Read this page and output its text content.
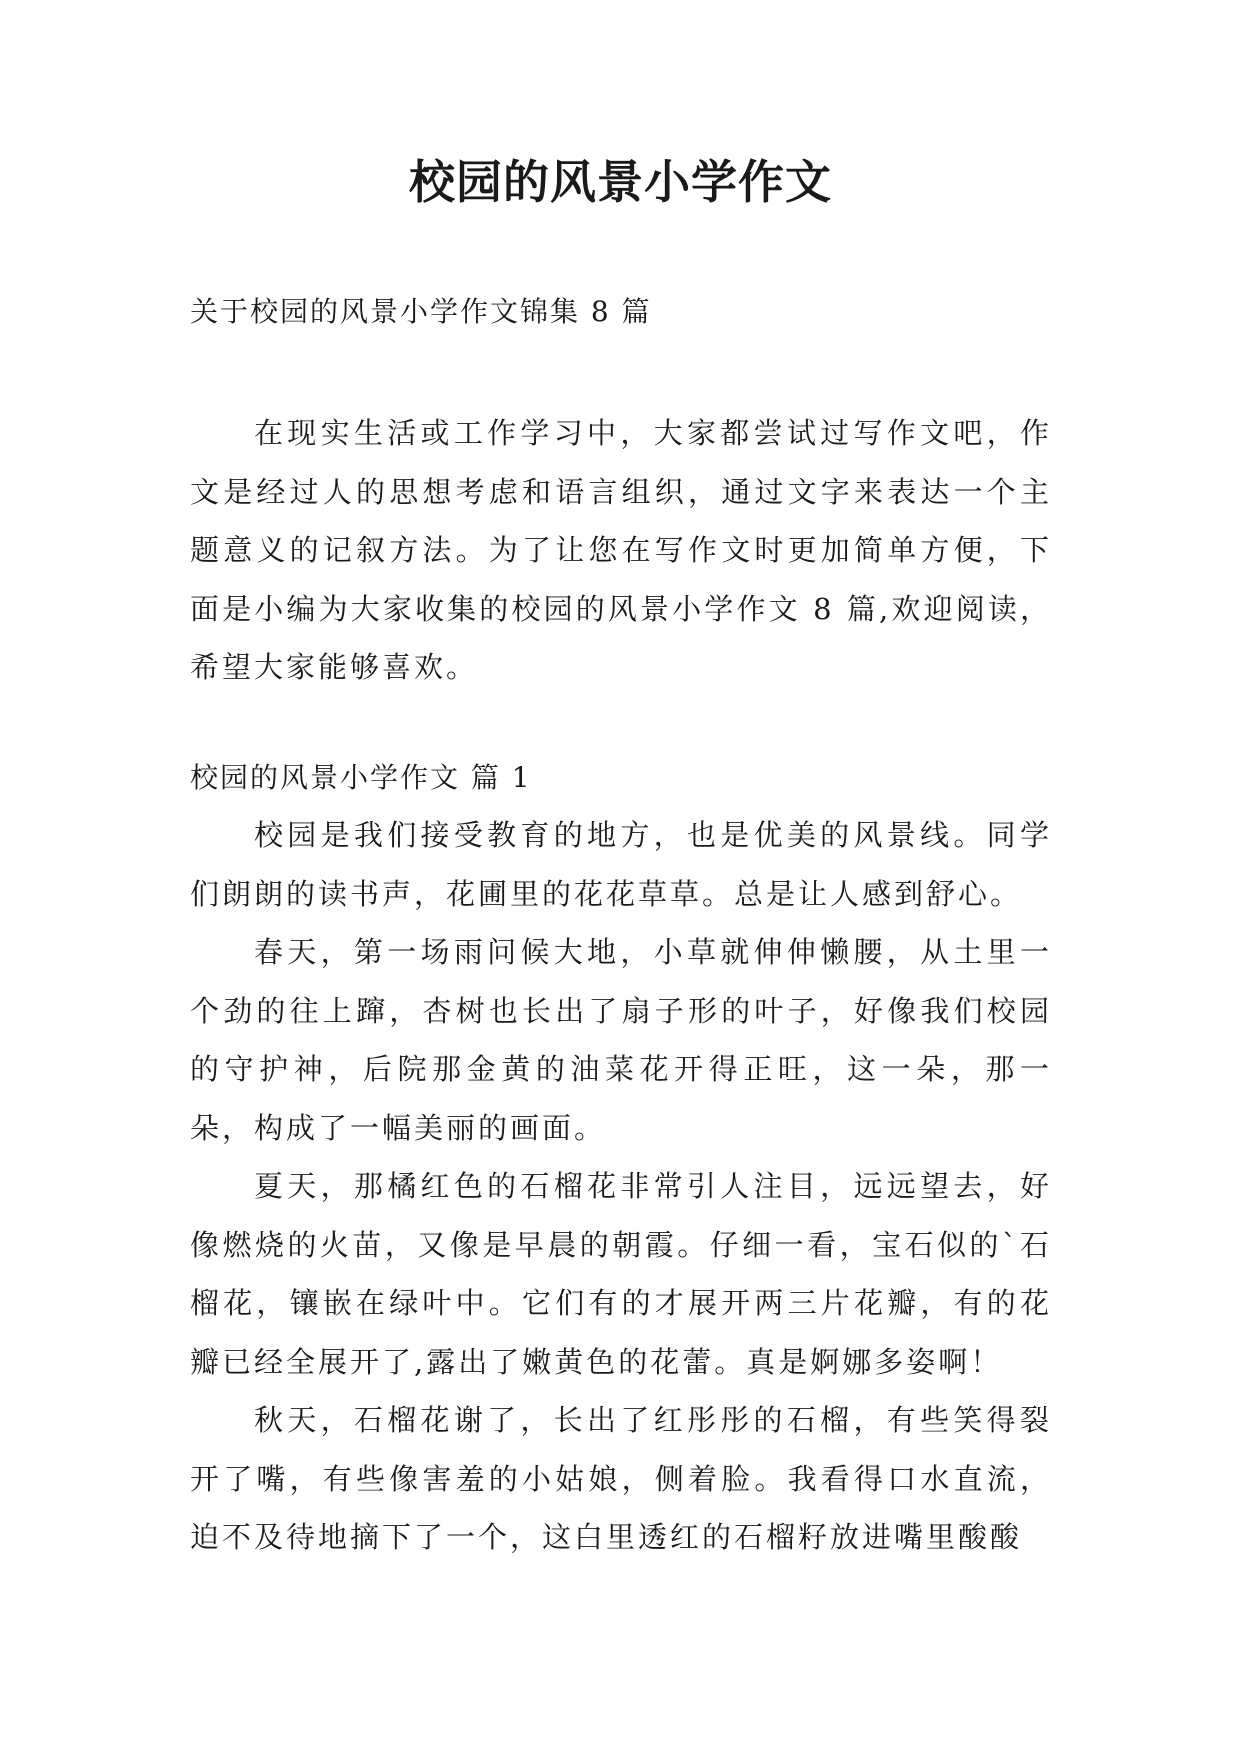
校园的风景小学作文

关于校园的风景小学作文锦集 8 篇

在现实生活或工作学习中，大家都尝试过写作文吧，作文是经过人的思想考虑和语言组织，通过文字来表达一个主题意义的记叙方法。为了让您在写作文时更加简单方便，下面是小编为大家收集的校园的风景小学作文 8 篇,欢迎阅读，希望大家能够喜欢。

校园的风景小学作文 篇 1

校园是我们接受教育的地方，也是优美的风景线。同学们朗朗的读书声，花圃里的花花草草。总是让人感到舒心。

春天，第一场雨问候大地，小草就伸伸懒腰，从土里一个劲的往上蹿，杏树也长出了扇子形的叶子，好像我们校园的守护神，后院那金黄的油菜花开得正旺，这一朵，那一朵，构成了一幅美丽的画面。

夏天，那橘红色的石榴花非常引人注目，远远望去，好像燃烧的火苗，又像是早晨的朝霞。仔细一看，宝石似的`石榴花，镶嵌在绿叶中。它们有的才展开两三片花瓣，有的花瓣已经全展开了,露出了嫩黄色的花蕾。真是婀娜多姿啊！

秋天，石榴花谢了，长出了红彤彤的石榴，有些笑得裂开了嘴，有些像害羞的小姑娘，侧着脸。我看得口水直流，迫不及待地摘下了一个，这白里透红的石榴籽放进嘴里酸酸
